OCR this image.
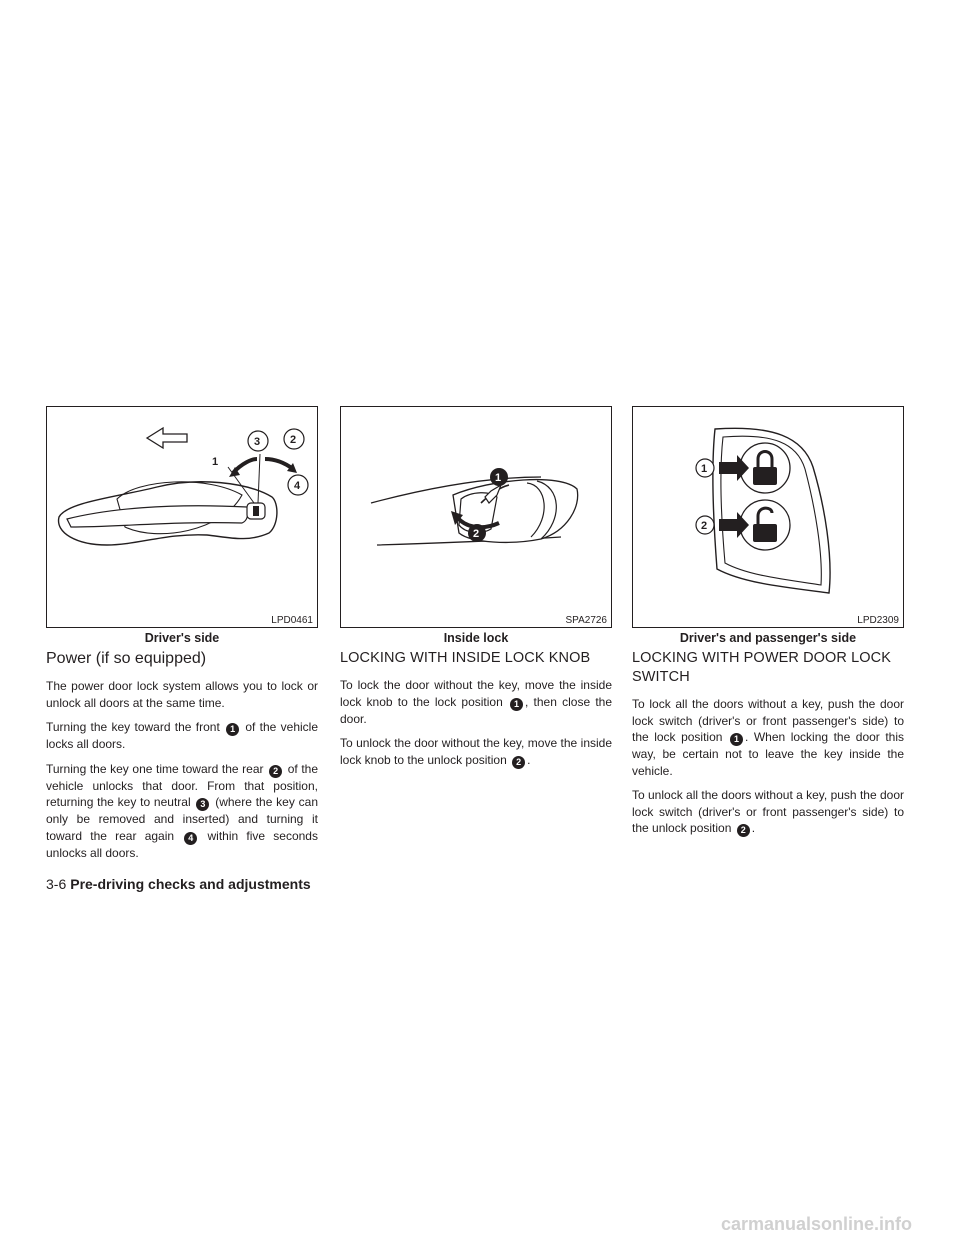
1
3	2
4
LPD0461
Driver's side
Power (if so equipped)

The power door lock system allows you to lock or unlock all doors at the same time.

Turning the key toward the front 1 of the vehicle locks all doors.

Turning the key one time toward the rear 2 of the vehicle unlocks that door. From that position, returning the key to neutral 3 (where the key can only be removed and inserted) and turning it toward the rear again 4 within five seconds unlocks all doors.

1
2
SPA2726
Inside lock
LOCKING WITH INSIDE LOCK KNOB

To lock the door without the key, move the inside lock knob to the lock position 1 , then close the door.

To unlock the door without the key, move the inside lock knob to the unlock position 2 .

1
2
LPD2309
Driver's and passenger's side
LOCKING WITH POWER DOOR LOCK SWITCH

To lock all the doors without a key, push the door lock switch (driver's or front passenger's side) to the lock position 1 . When locking the door this way, be certain not to leave the key inside the vehicle.

To unlock all the doors without a key, push the door lock switch (driver's or front passenger's side) to the unlock position 2 .

3-6 Pre-driving checks and adjustments
carmanualsonline.info
